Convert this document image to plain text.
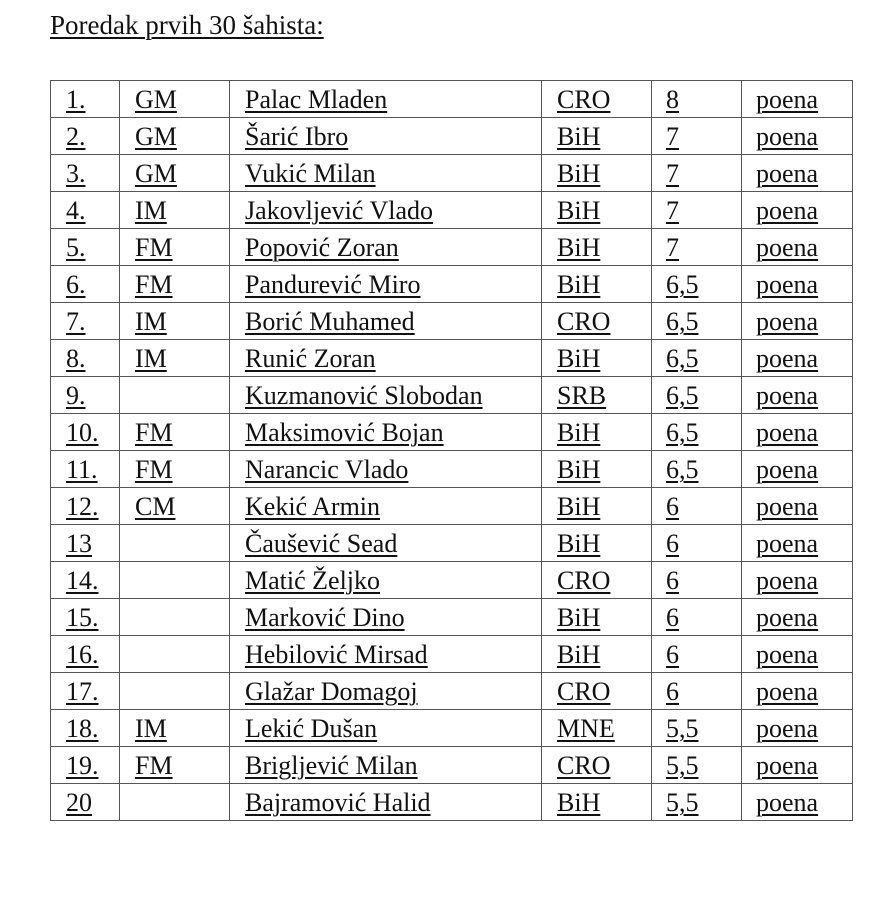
Poredak prvih 30 šahista:
1.	GM	Palac Mladen	CRO	8	poena
2.	GM	Šarić Ibro	BiH	7	poena
3.	GM	Vukić Milan	BiH	7	poena
4.	IM	Jakovljević Vlado	BiH	7	poena
5.	FM	Popović Zoran	BiH	7	poena
6.	FM	Pandurević Miro	BiH	6,5	poena
7.	IM	Borić Muhamed	CRO	6,5	poena
8.	IM	Runić Zoran	BiH	6,5	poena
9.		Kuzmanović Slobodan	SRB	6,5	poena
10.	FM	Maksimović Bojan	BiH	6,5	poena
11.	FM	Narancic Vlado	BiH	6,5	poena
12.	CM	Kekić Armin	BiH	6	poena
13		Čaušević Sead	BiH	6	poena
14.		Matić Željko	CRO	6	poena
15.		Marković Dino	BiH	6	poena
16.		Hebilović Mirsad	BiH	6	poena
17.		Glažar Domagoj	CRO	6	poena
18.	IM	Lekić Dušan	MNE	5,5	poena
19.	FM	Brigljević Milan	CRO	5,5	poena
20		Bajramović Halid	BiH	5,5	poena
